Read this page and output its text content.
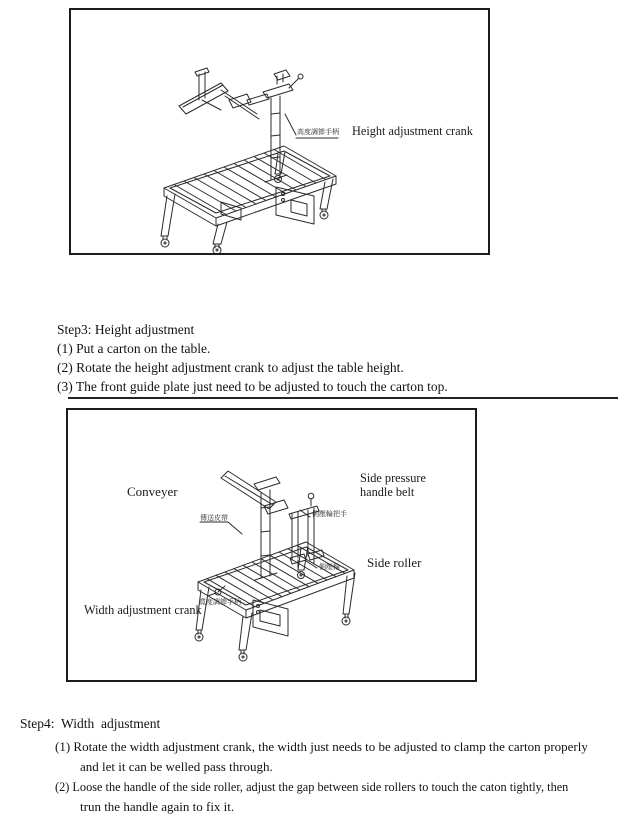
高度調節手柄 Height adjustment crank
Step3: Height adjustment
(1) Put a carton on the table.
(2) Rotate the height adjustment crank to adjust the table height.
(3) The front guide plate just need to be adjusted to touch the carton top.
Conveyer
Side pressure handle belt
傳送皮帶	側壓輪把手
側壓輪 Side roller
寬度調節手柄
Width adjustment crank
Step4:  Width  adjustment
(1) Rotate the width adjustment crank, the width just needs to be adjusted to clamp the carton properly
and let it can be welled pass through.
(2) Loose the handle of the side roller, adjust the gap between side rollers to touch the caton tightly, then
trun the handle again to fix it.
